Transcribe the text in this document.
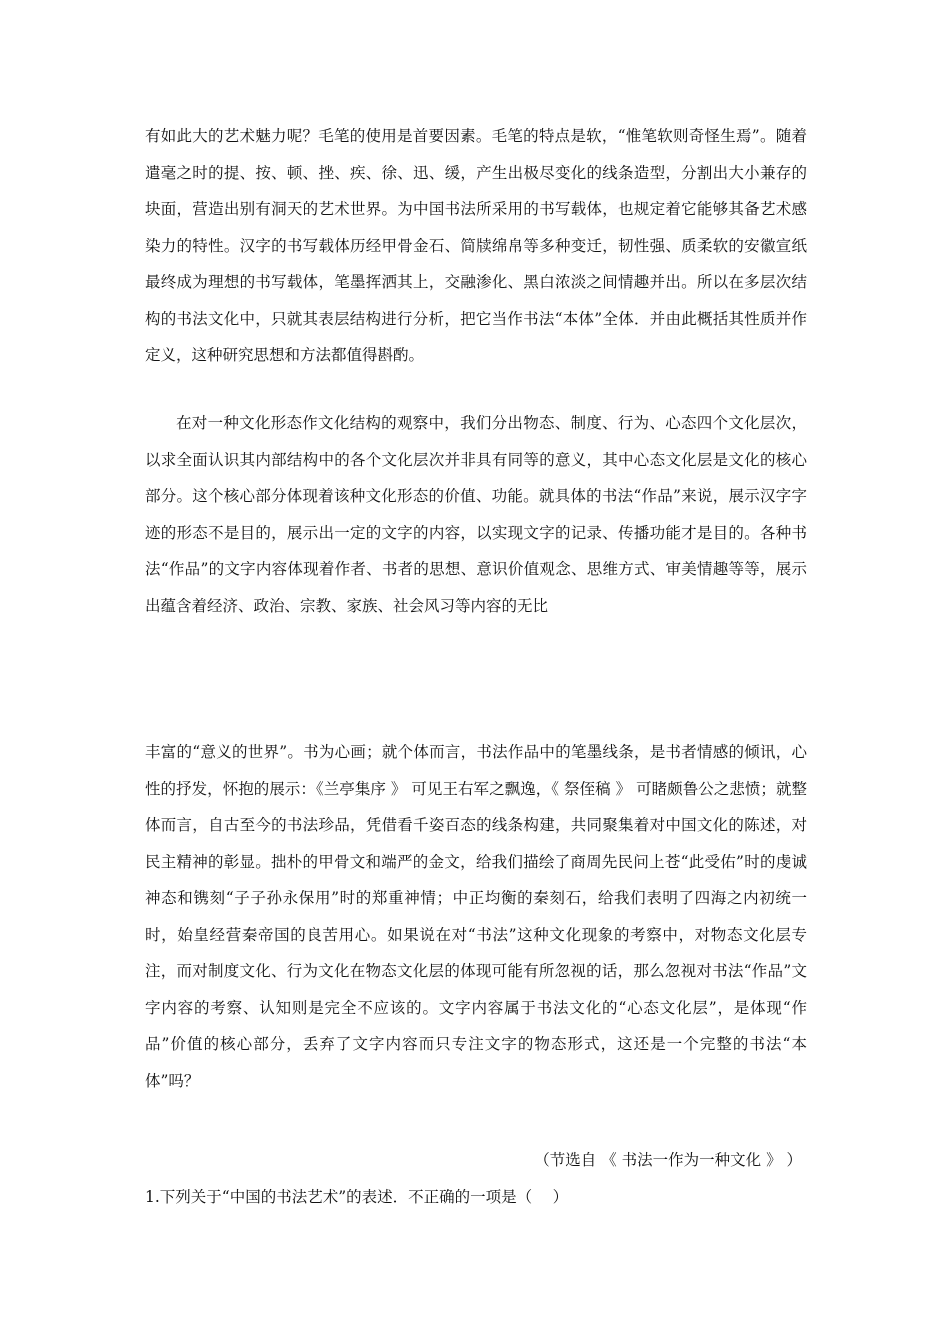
有如此大的艺术魅力呢？毛笔的使用是首要因素。毛笔的特点是软，“惟笔软则奇怪生焉”。随着遣毫之时的提、按、顿、挫、疾、徐、迅、缓，产生出极尽变化的线条造型，分割出大小兼存的块面，营造出别有洞天的艺术世界。为中国书法所采用的书写载体，也规定着它能够其备艺术感染力的特性。汉字的书写载体历经甲骨金石、简牍绵帛等多种变迁，韧性强、质柔软的安徽宣纸最终成为理想的书写载体，笔墨挥洒其上，交融渗化、黑白浓淡之间情趣并出。所以在多层次结构的书法文化中，只就其表层结构进行分析，把它当作书法“本体”全体．并由此概括其性质并作定义，这种研究思想和方法都值得斟酌。

在对一种文化形态作文化结构的观察中，我们分出物态、制度、行为、心态四个文化层次，以求全面认识其内部结构中的各个文化层次并非具有同等的意义，其中心态文化层是文化的核心部分。这个核心部分体现着该种文化形态的价值、功能。就具体的书法“作品”来说，展示汉字字迹的形态不是目的，展示出一定的文字的内容，以实现文字的记录、传播功能才是目的。各种书法“作品”的文字内容体现着作者、书者的思想、意识价值观念、思维方式、审美情趣等等，展示出蕴含着经济、政治、宗教、家族、社会风习等内容的无比

丰富的“意义的世界”。书为心画；就个体而言，书法作品中的笔墨线条，是书者情感的倾讯，心性的抒发，怀抱的展示：《兰亭集序 》 可见王右军之飘逸，《 祭侄稿 》 可睹颇鲁公之悲愤；就整体而言，自古至今的书法珍品，凭借看千姿百态的线条构建，共同聚集着对中国文化的陈述，对民主精神的彰显。拙朴的甲骨文和端严的金文，给我们描绘了商周先民问上苍“此受佑”时的虔诚神态和镌刻“子子孙永保用”时的郑重神情；中正均衡的秦刻石，给我们表明了四海之内初统一时，始皇经营秦帝国的良苦用心。如果说在对“书法”这种文化现象的考察中，对物态文化层专注，而对制度文化、行为文化在物态文化层的体现可能有所忽视的话，那么忽视对书法“作品”文字内容的考察、认知则是完全不应该的。文字内容属于书法文化的“心态文化层”，是体现“作品”价值的核心部分，丢弃了文字内容而只专注文字的物态形式，这还是一个完整的书法“本体”吗？

（节选自 《 书法一作为一种文化 》 ）

1.下列关于“中国的书法艺术”的表述．不正确的一项是（　 ）
